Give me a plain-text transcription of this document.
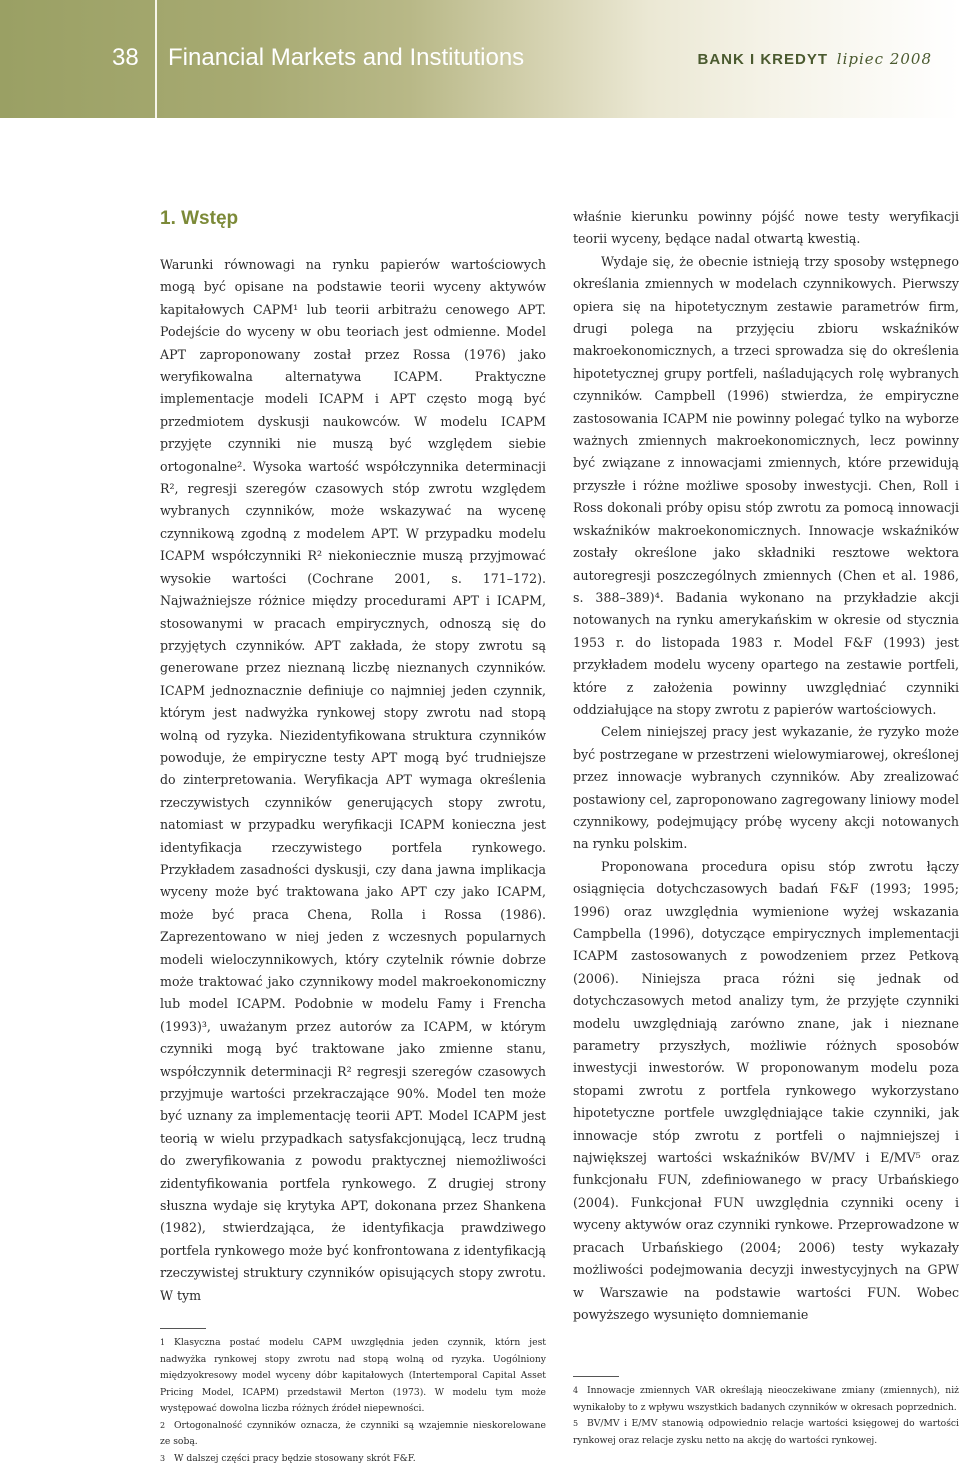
38 Financial Markets and Institutions	BANK I KREDYT lipiec 2008
1. Wstęp

Warunki równowagi na rynku papierów wartościowych mogą być opisane na podstawie teorii wyceny aktywów kapitałowych CAPM¹ lub teorii arbitrażu cenowego APT. Podejście do wyceny w obu teoriach jest odmienne. Model APT zaproponowany został przez Rossa (1976) jako weryfikowalna alternatywa ICAPM. Praktyczne implementacje modeli ICAPM i APT często mogą być przedmiotem dyskusji naukowców. W modelu ICAPM przyjęte czynniki nie muszą być względem siebie ortogonalne². Wysoka wartość współczynnika determinacji R², regresji szeregów czasowych stóp zwrotu względem wybranych czynników, może wskazywać na wycenę czynnikową zgodną z modelem APT. W przypadku modelu ICAPM współczynniki R² niekoniecznie muszą przyjmować wysokie wartości (Cochrane 2001, s. 171–172). Najważniejsze różnice między procedurami APT i ICAPM, stosowanymi w pracach empirycznych, odnoszą się do przyjętych czynników. APT zakłada, że stopy zwrotu są generowane przez nieznaną liczbę nieznanych czynników. ICAPM jednoznacznie definiuje co najmniej jeden czynnik, którym jest nadwyżka rynkowej stopy zwrotu nad stopą wolną od ryzyka. Niezidentyfikowana struktura czynników powoduje, że empiryczne testy APT mogą być trudniejsze do zinterpretowania. Weryfikacja APT wymaga określenia rzeczywistych czynników generujących stopy zwrotu, natomiast w przypadku weryfikacji ICAPM konieczna jest identyfikacja rzeczywistego portfela rynkowego. Przykładem zasadności dyskusji, czy dana jawna implikacja wyceny może być traktowana jako APT czy jako ICAPM, może być praca Chena, Rolla i Rossa (1986). Zaprezentowano w niej jeden z wczesnych popularnych modeli wieloczynnikowych, który czytelnik równie dobrze może traktować jako czynnikowy model makroekonomiczny lub model ICAPM. Podobnie w modelu Famy i Frencha (1993)³, uważanym przez autorów za ICAPM, w którym czynniki mogą być traktowane jako zmienne stanu, współczynnik determinacji R² regresji szeregów czasowych przyjmuje wartości przekraczające 90%. Model ten może być uznany za implementację teorii APT. Model ICAPM jest teorią w wielu przypadkach satysfakcjonującą, lecz trudną do zweryfikowania z powodu praktycznej niemożliwości zidentyfikowania portfela rynkowego. Z drugiej strony słuszna wydaje się krytyka APT, dokonana przez Shankena (1982), stwierdzająca, że identyfikacja prawdziwego portfela rynkowego może być konfrontowana z identyfikacją rzeczywistej struktury czynników opisujących stopy zwrotu. W tym

właśnie kierunku powinny pójść nowe testy weryfikacji teorii wyceny, będące nadal otwartą kwestią.

Wydaje się, że obecnie istnieją trzy sposoby wstępnego określania zmiennych w modelach czynnikowych. Pierwszy opiera się na hipotetycznym zestawie parametrów firm, drugi polega na przyjęciu zbioru wskaźników makroekonomicznych, a trzeci sprowadza się do określenia hipotetycznej grupy portfeli, naśladujących rolę wybranych czynników. Campbell (1996) stwierdza, że empiryczne zastosowania ICAPM nie powinny polegać tylko na wyborze ważnych zmiennych makroekonomicznych, lecz powinny być związane z innowacjami zmiennych, które przewidują przyszłe i różne możliwe sposoby inwestycji. Chen, Roll i Ross dokonali próby opisu stóp zwrotu za pomocą innowacji wskaźników makroekonomicznych. Innowacje wskaźników zostały określone jako składniki resztowe wektora autoregresji poszczególnych zmiennych (Chen et al. 1986, s. 388–389)⁴. Badania wykonano na przykładzie akcji notowanych na rynku amerykańskim w okresie od stycznia 1953 r. do listopada 1983 r. Model F&F (1993) jest przykładem modelu wyceny opartego na zestawie portfeli, które z założenia powinny uwzględniać czynniki oddziałujące na stopy zwrotu z papierów wartościowych.

Celem niniejszej pracy jest wykazanie, że ryzyko może być postrzegane w przestrzeni wielowymiarowej, określonej przez innowacje wybranych czynników. Aby zrealizować postawiony cel, zaproponowano zagregowany liniowy model czynnikowy, podejmujący próbę wyceny akcji notowanych na rynku polskim.

Proponowana procedura opisu stóp zwrotu łączy osiągnięcia dotychczasowych badań F&F (1993; 1995; 1996) oraz uwzględnia wymienione wyżej wskazania Campbella (1996), dotyczące empirycznych implementacji ICAPM zastosowanych z powodzeniem przez Petkovą (2006). Niniejsza praca różni się jednak od dotychczasowych metod analizy tym, że przyjęte czynniki modelu uwzględniają zarówno znane, jak i nieznane parametry przyszłych, możliwie różnych sposobów inwestycji inwestorów. W proponowanym modelu poza stopami zwrotu z portfela rynkowego wykorzystano hipotetyczne portfele uwzględniające takie czynniki, jak innowacje stóp zwrotu z portfeli o najmniejszej i największej wartości wskaźników BV/MV i E/MV⁵ oraz funkcjonału FUN, zdefiniowanego w pracy Urbańskiego (2004). Funkcjonał FUN uwzględnia czynniki oceny i wyceny aktywów oraz czynniki rynkowe. Przeprowadzone w pracach Urbańskiego (2004; 2006) testy wykazały możliwości podejmowania decyzji inwestycyjnych na GPW w Warszawie na podstawie wartości FUN. Wobec powyższego wysunięto domniemanie

1 Klasyczna postać modelu CAPM uwzględnia jeden czynnik, którn jest nadwyżka rynkowej stopy zwrotu nad stopą wolną od ryzyka. Uogólniony międzyokresowy model wyceny dóbr kapitałowych (Intertemporal Capital Asset Pricing Model, ICAPM) przedstawił Merton (1973). W modelu tym może występować dowolna liczba różnych źródeł niepewności.

2 Ortogonalność czynników oznacza, że czynniki są wzajemnie nieskorelowane ze sobą.

3 W dalszej części pracy będzie stosowany skrót F&F.

4 Innowacje zmiennych VAR określają nieoczekiwane zmiany (zmiennych), niż wynikałoby to z wpływu wszystkich badanych czynników w okresach poprzednich.

5 BV/MV i E/MV stanowią odpowiednio relacje wartości księgowej do wartości rynkowej oraz relacje zysku netto na akcję do wartości rynkowej.
